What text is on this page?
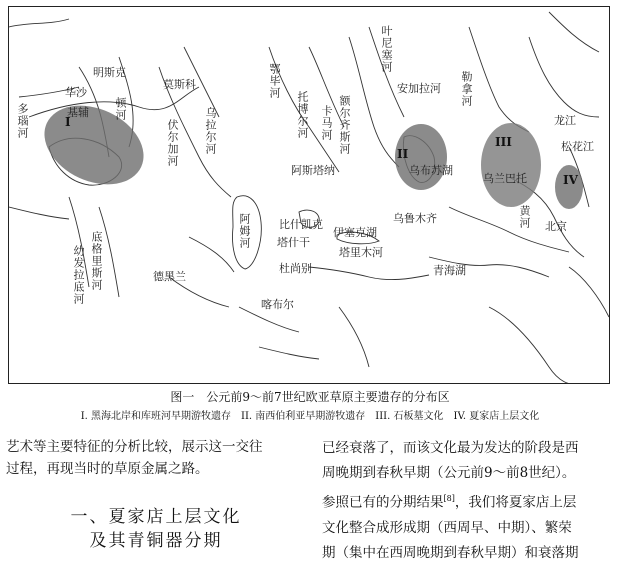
I
II
III
IV
明斯克
莫斯科
华沙
多瑙河	基辅 顿河
伏尔加河 乌拉尔河
鄂毕河
托博尔河	额尔齐斯河
阿斯塔纳
叶尼塞河
安加拉河 勒拿河
乌布苏湖
乌兰巴托
松花江
龙江
北京
黄河
青海湖
乌鲁木齐
伊塞克湖
塔里木河
比什凯克
塔什干
杜尚别
德黑兰
喀布尔
阿姆河
底格里斯河
幼发拉底河
卡马河
图一　公元前9～前7世纪欧亚草原主要遗存的分布区
I. 黑海北岸和库班河早期游牧遗存　II. 南西伯利亚早期游牧遗存　III. 石板墓文化　IV. 夏家店上层文化

艺术等主要特征的分析比较，展示这一交往

过程，再现当时的草原金属之路。

一、夏家店上层文化
及其青铜器分期

已经衰落了，而该文化最为发达的阶段是西

周晚期到春秋早期（公元前9～前8世纪）。

参照已有的分期结果[8]，我们将夏家店上层

文化整合成形成期（西周早、中期）、繁荣

期（集中在西周晚期到春秋早期）和衰落期
